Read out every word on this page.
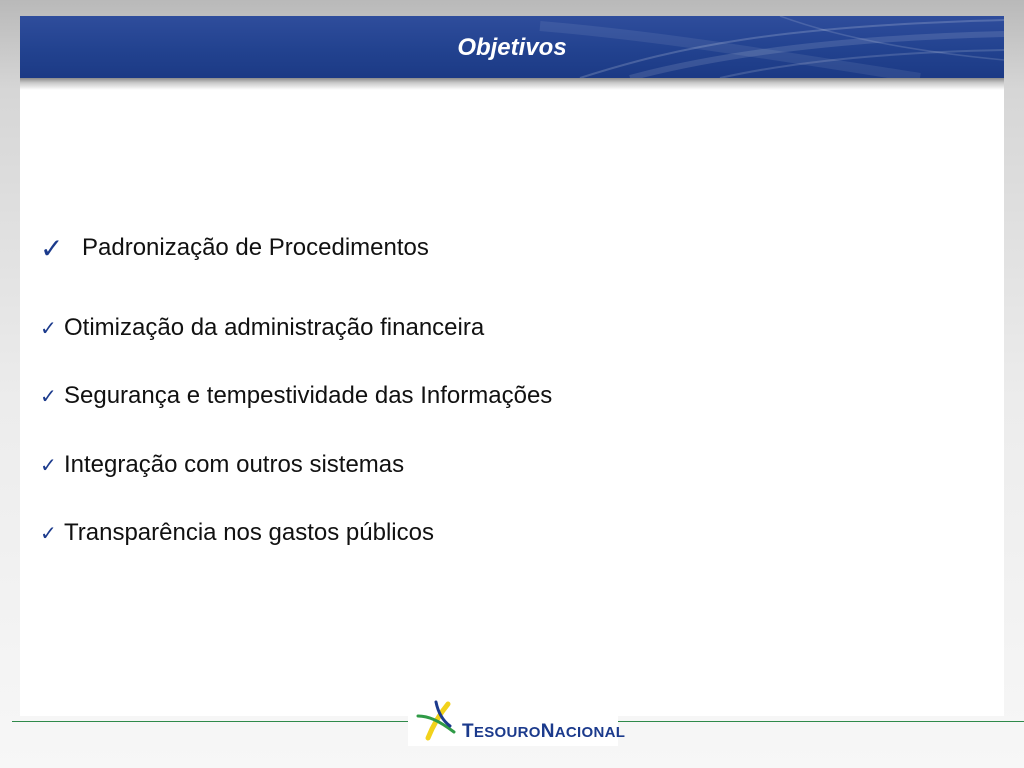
Objetivos
✓ Padronização de Procedimentos
✓ Otimização da administração financeira
✓ Segurança e tempestividade das Informações
✓ Integração com outros sistemas
✓ Transparência nos gastos públicos
TESOURONACIONAL
